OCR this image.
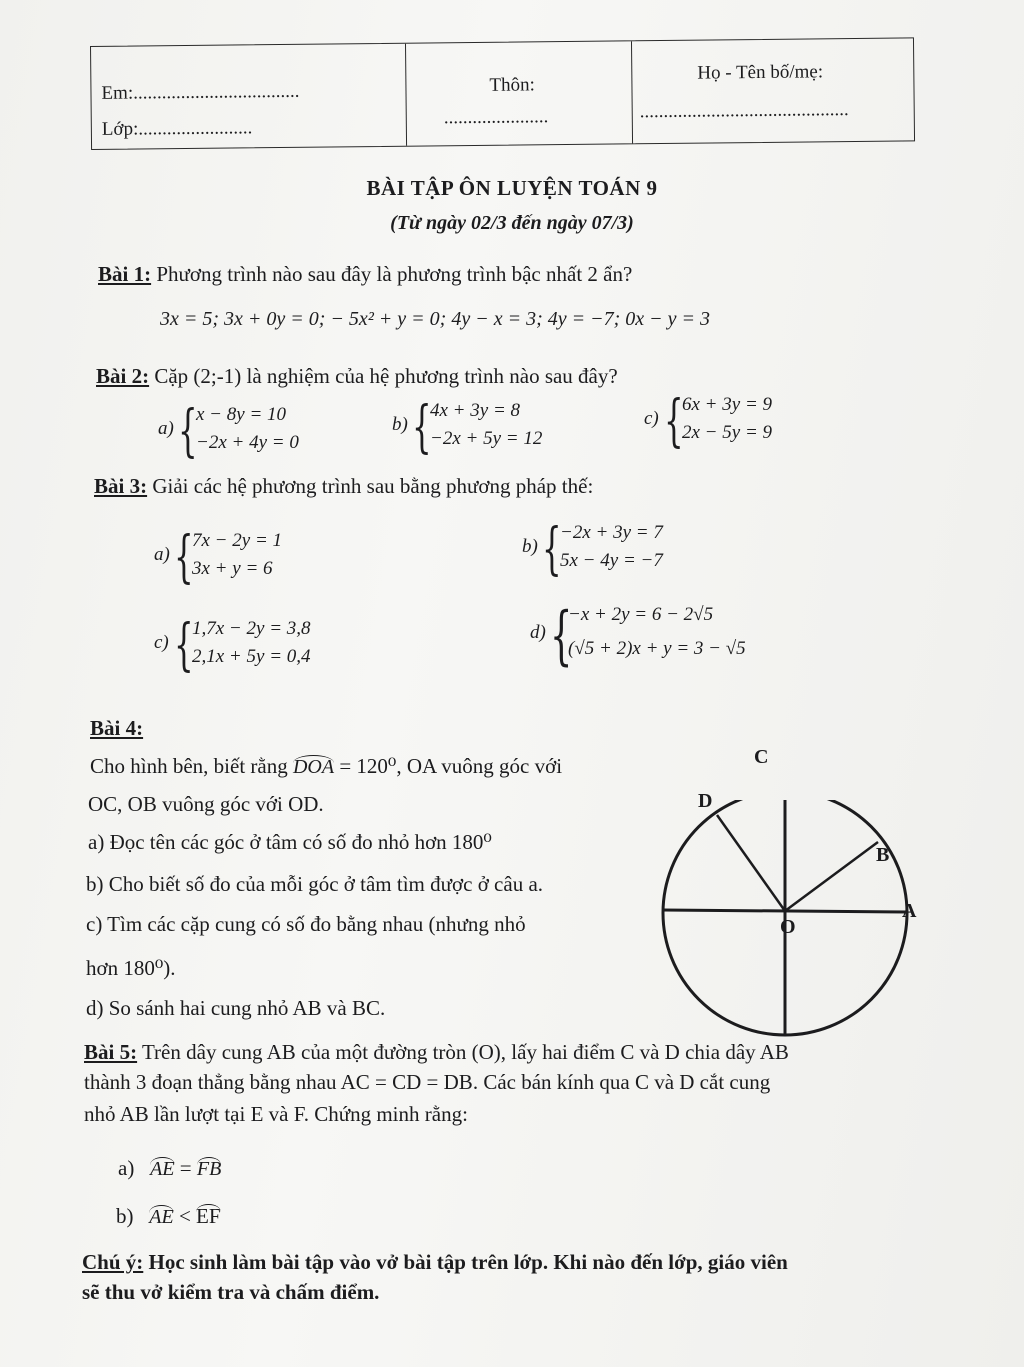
Em:...................................
Lớp:........................
Thôn:
......................
Họ - Tên bố/mẹ:
............................................
BÀI TẬP ÔN LUYỆN TOÁN 9
(Từ ngày 02/3 đến ngày 07/3)
Bài 1: Phương trình nào sau đây là phương trình bậc nhất 2 ẩn?
3x = 5; 3x + 0y = 0; − 5x² + y = 0; 4y − x = 3; 4y = −7; 0x − y = 3
Bài 2: Cặp (2;-1) là nghiệm của hệ phương trình nào sau đây?
a) {
x − 8y = 10
−2x + 4y = 0
b) {
4x + 3y = 8
−2x + 5y = 12
c) {
6x + 3y = 9
2x − 5y = 9
Bài 3: Giải các hệ phương trình sau bằng phương pháp thế:
a) {
7x − 2y = 1
3x + y = 6
b) {
−2x + 3y = 7
5x − 4y = −7
c) {
1,7x − 2y = 3,8
2,1x + 5y = 0,4
d) {
−x + 2y = 6 − 2√5
(√5 + 2)x + y = 3 − √5
Bài 4:
Cho hình bên, biết rằng DOA = 120⁰, OA vuông góc với
OC, OB vuông góc với OD.
a) Đọc tên các góc ở tâm có số đo nhỏ hơn 180⁰
b) Cho biết số đo của mỗi góc ở tâm tìm được ở câu a.
c) Tìm các cặp cung có số đo bằng nhau (nhưng nhỏ
hơn 180⁰).
d) So sánh hai cung nhỏ AB và BC.
C
D
B
A
O
Bài 5: Trên dây cung AB của một đường tròn (O), lấy hai điểm C và D chia dây AB
thành 3 đoạn thẳng bằng nhau AC = CD = DB. Các bán kính qua C và D cắt cung
nhỏ AB lần lượt tại E và F. Chứng minh rằng:
a) AE = FB
b) AE < EF
Chú ý: Học sinh làm bài tập vào vở bài tập trên lớp. Khi nào đến lớp, giáo viên
sẽ thu vở kiểm tra và chấm điểm.
